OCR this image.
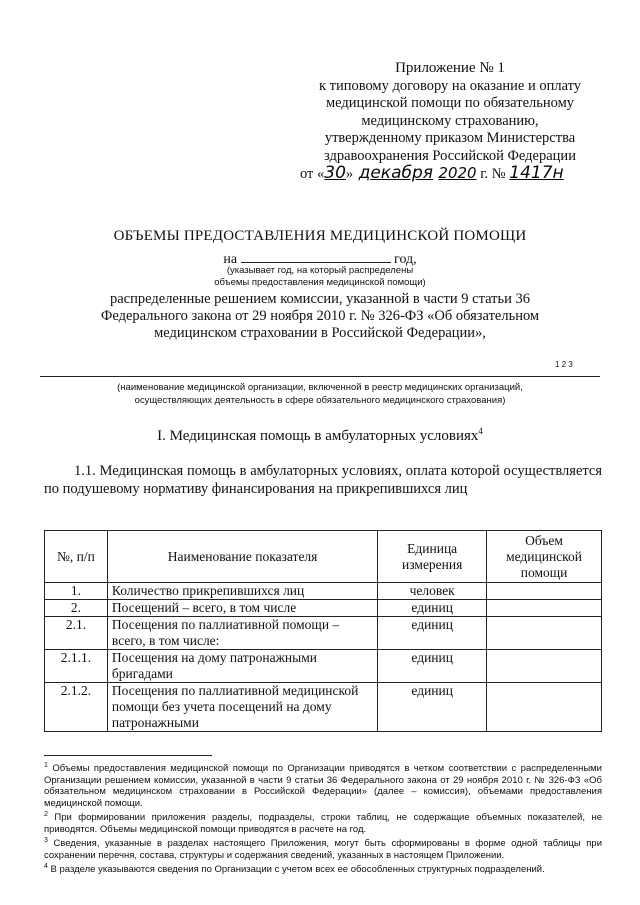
Приложение № 1
к типовому договору на оказание и оплату
медицинской помощи по обязательному
медицинскому страхованию,
утвержденному приказом Министерства
здравоохранения Российской Федерации
от «30» декабря 2020 г. № 1417н
ОБЪЕМЫ ПРЕДОСТАВЛЕНИЯ МЕДИЦИНСКОЙ ПОМОЩИ
на	год,
(указывает год, на который распределены
объемы предоставления медицинской помощи)
распределенные решением комиссии, указанной в части 9 статьи 36
Федерального закона от 29 ноября 2010 г. № 326-ФЗ «Об обязательном
медицинском страховании в Российской Федерации»,
1 2 3
(наименование медицинской организации, включенной в реестр медицинских организаций,
осуществляющих деятельность в сфере обязательного медицинского страхования)
I. Медицинская помощь в амбулаторных условиях$^4$
1.1. Медицинская помощь в амбулаторных условиях, оплата которой осуществляется по подушевому нормативу финансирования на прикрепившихся лиц
№, п/п	Наименование показателя	Единица измерения	Объем медицинской помощи
1.	Количество прикрепившихся лиц	человек	
2.	Посещений – всего, в том числе	единиц	
2.1.	Посещения по паллиативной помощи – всего, в том числе:	единиц	
2.1.1.	Посещения на дому патронажными бригадами	единиц	
2.1.2.	Посещения по паллиативной медицинской помощи без учета посещений на дому патронажными	единиц	

$^1$ Объемы предоставления медицинской помощи по Организации приводятся в четком соответствии с распределенными Организации решением комиссии, указанной в части 9 статьи 36 Федерального закона от 29 ноября 2010 г. № 326-ФЗ «Об обязательном медицинском страховании в Российской Федерации» (далее – комиссия), объемами предоставления медицинской помощи.

$^2$ При формировании приложения разделы, подразделы, строки таблиц, не содержащие объемных показателей, не приводятся. Объемы медицинской помощи приводятся в расчете на год.

$^3$ Сведения, указанные в разделах настоящего Приложения, могут быть сформированы в форме одной таблицы при сохранении перечня, состава, структуры и содержания сведений, указанных в настоящем Приложении.

$^4$ В разделе указываются сведения по Организации с учетом всех ее обособленных структурных подразделений.
